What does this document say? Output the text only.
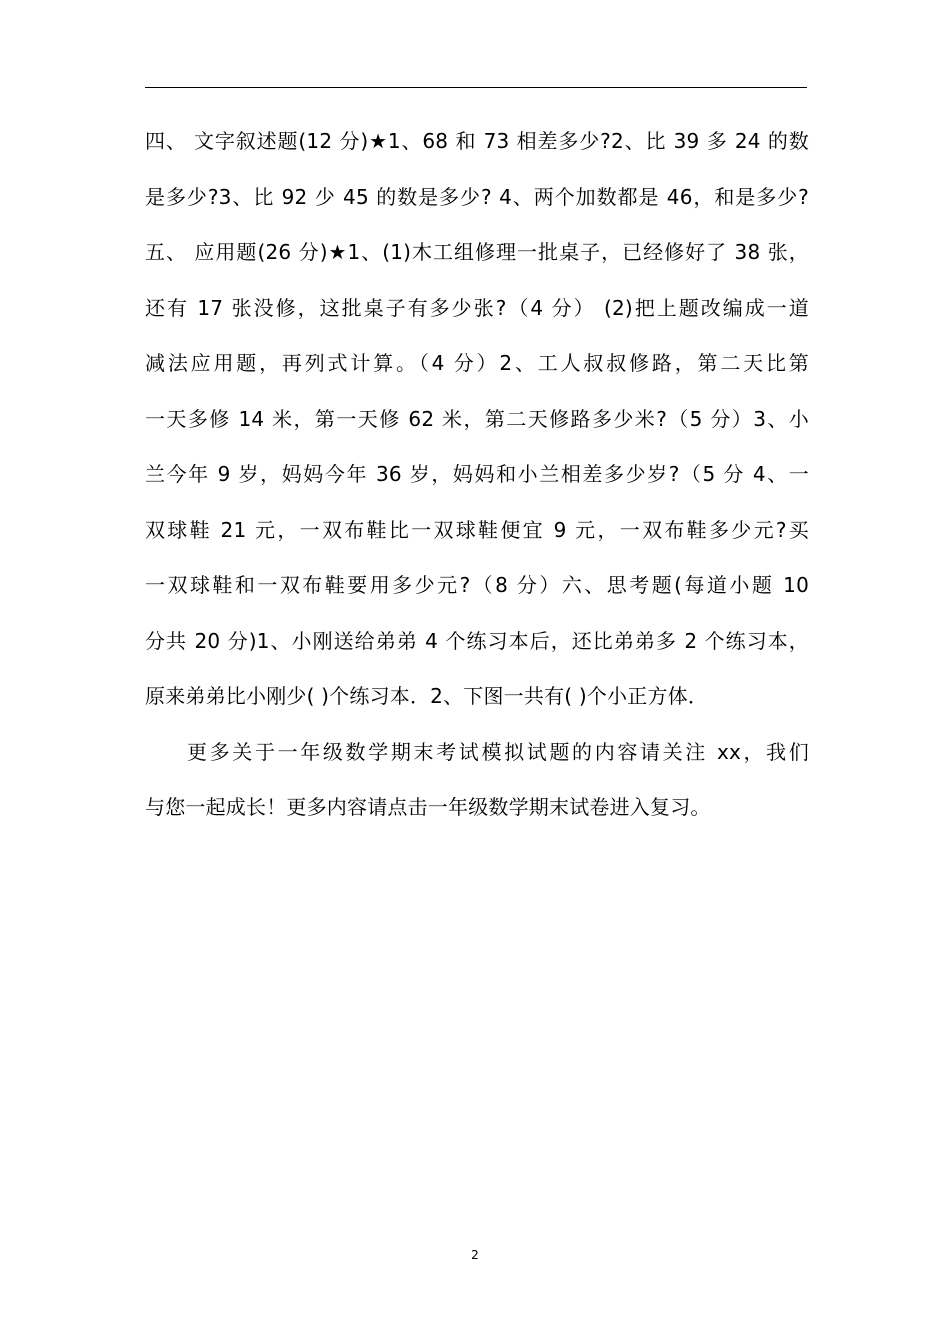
四、 文字叙述题(12 分)★1、68 和 73 相差多少?2、比 39 多 24 的数
是多少?3、比 92 少 45 的数是多少? 4、两个加数都是 46，和是多少?
五、 应用题(26 分)★1、(1)木工组修理一批桌子，已经修好了 38 张，
还有 17 张没修，这批桌子有多少张?（4 分） (2)把上题改编成一道
减法应用题，再列式计算。（4 分）2、工人叔叔修路，第二天比第
一天多修 14 米，第一天修 62 米，第二天修路多少米?（5 分）3、小
兰今年 9 岁，妈妈今年 36 岁，妈妈和小兰相差多少岁?（5 分 4、一
双球鞋 21 元，一双布鞋比一双球鞋便宜 9 元，一双布鞋多少元?买
一双球鞋和一双布鞋要用多少元?（8 分）六、思考题(每道小题 10
分共 20 分)1、小刚送给弟弟 4 个练习本后，还比弟弟多 2 个练习本，
原来弟弟比小刚少( )个练习本．2、下图一共有( )个小正方体．
更多关于一年级数学期末考试模拟试题的内容请关注 xx，我们
与您一起成长！更多内容请点击一年级数学期末试卷进入复习。
2
